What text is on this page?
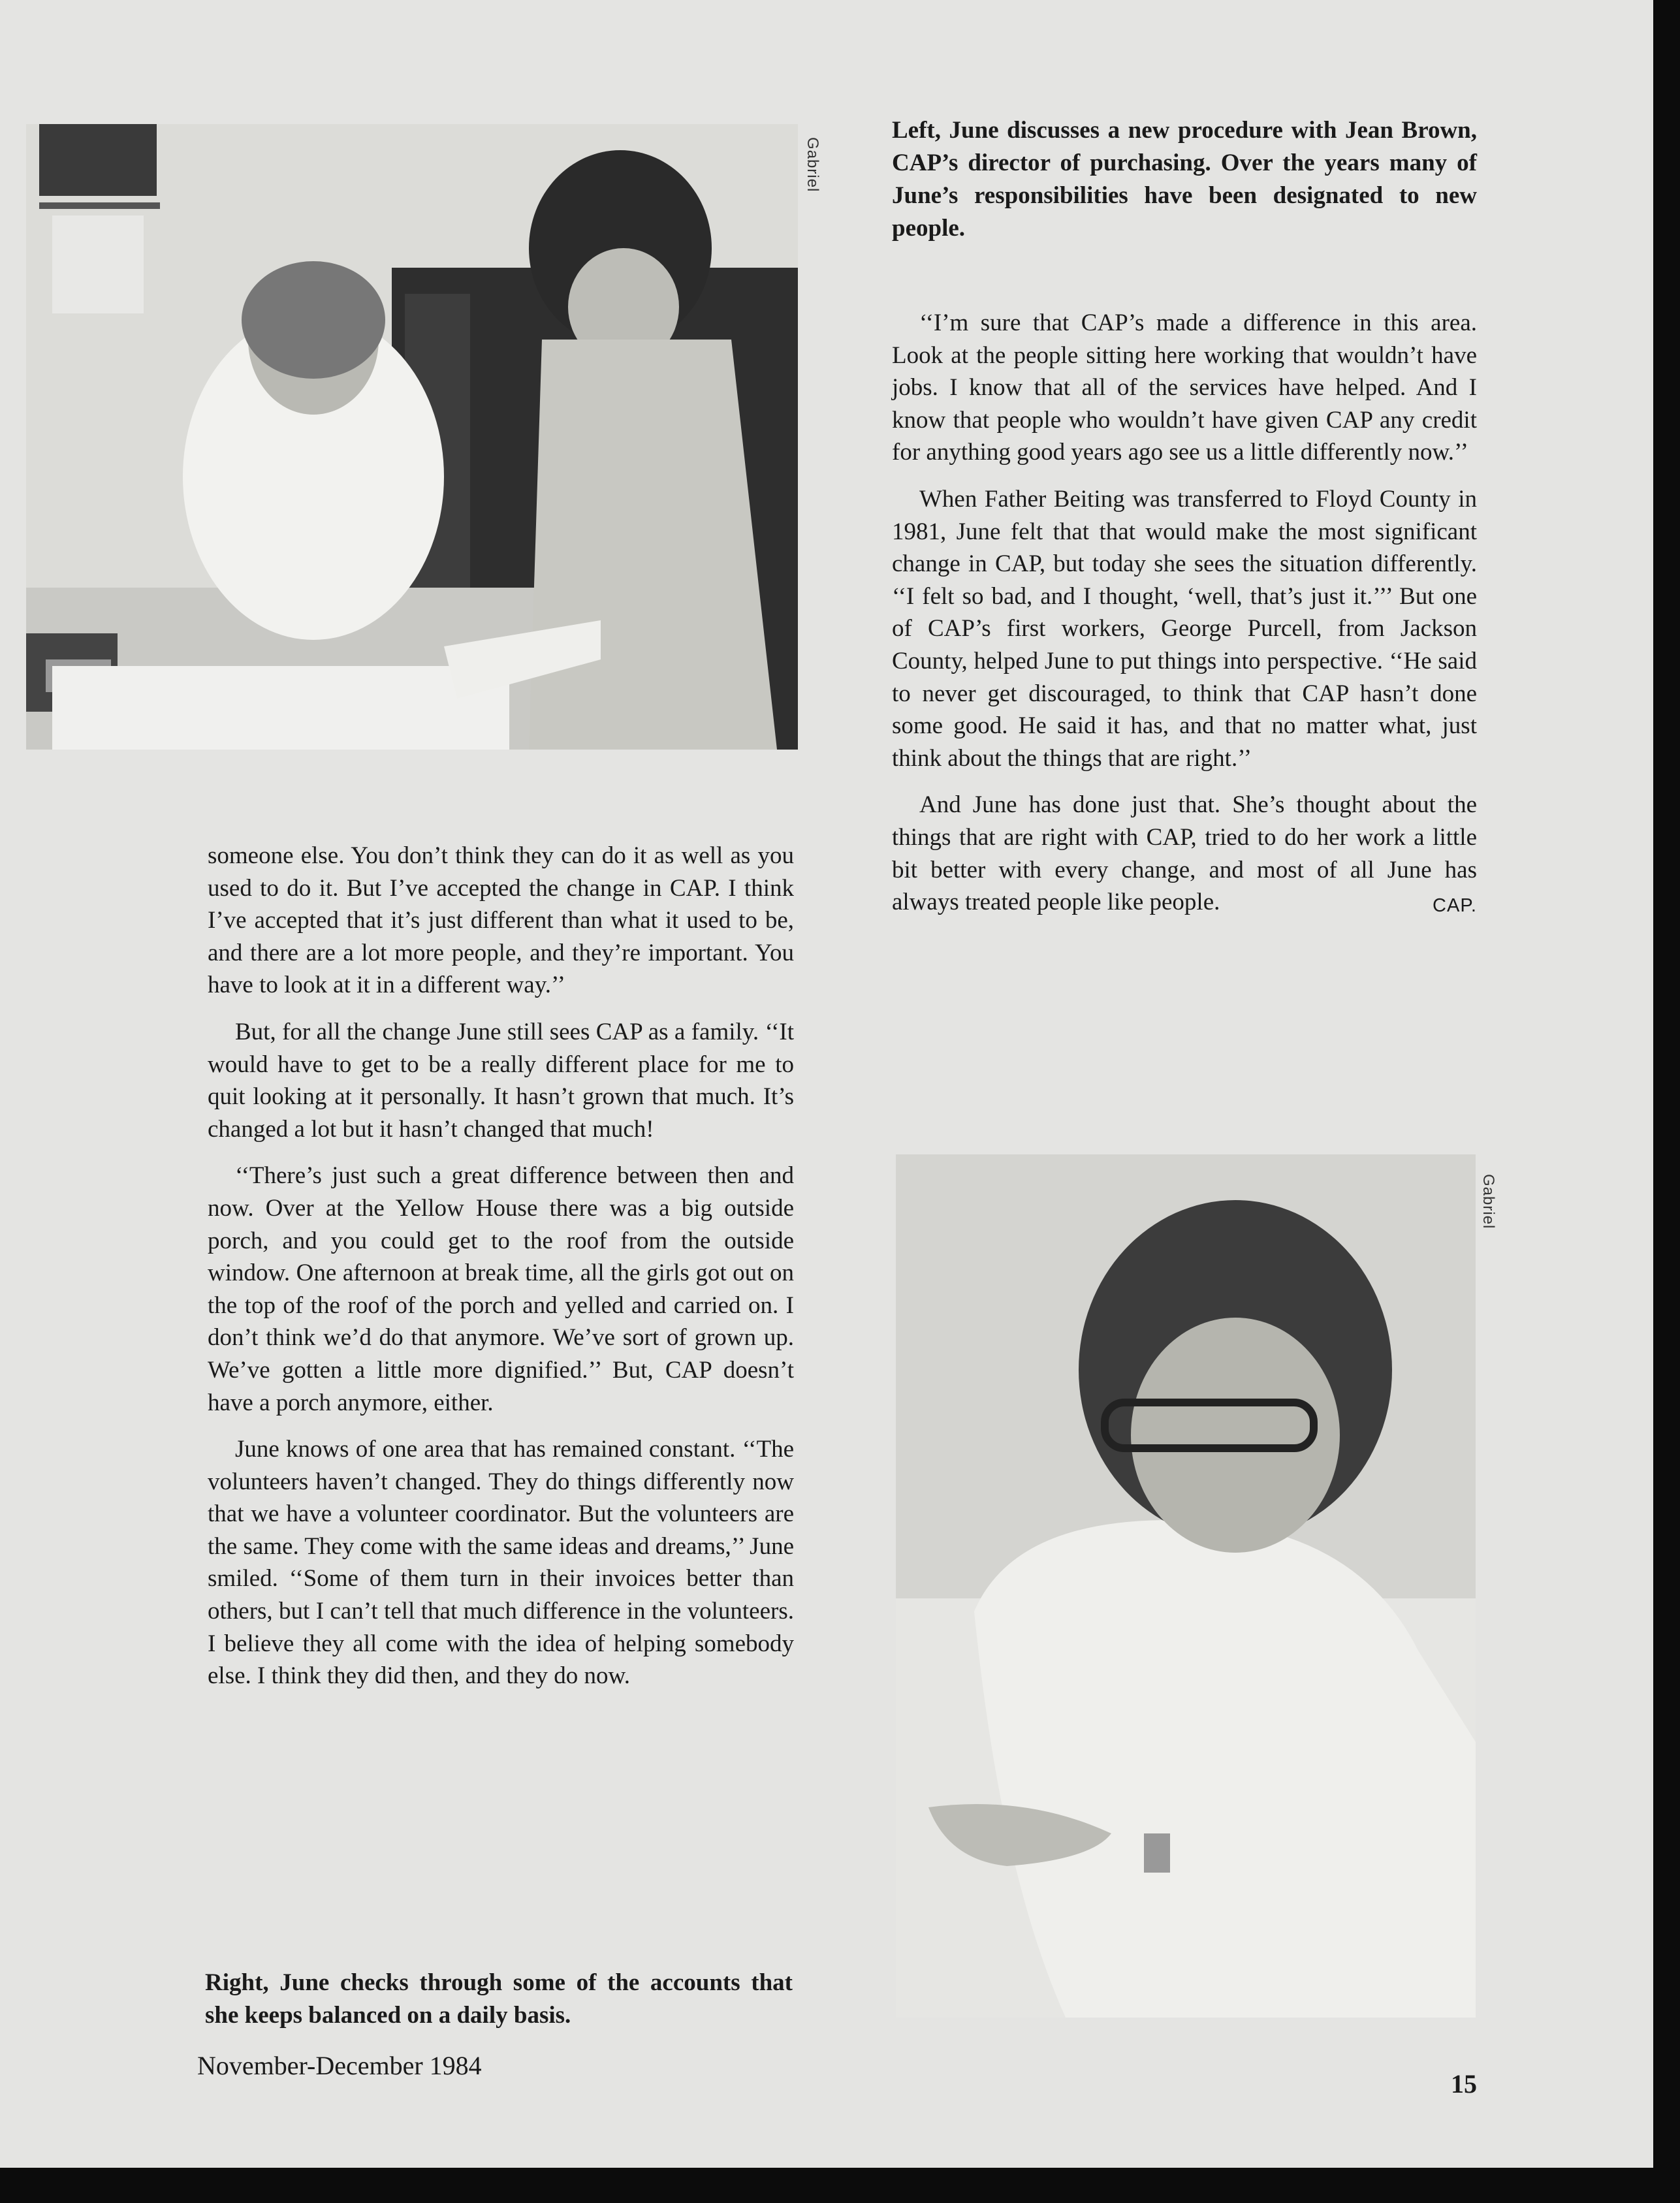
Gabriel

Left, June discusses a new procedure with Jean Brown, CAP’s director of purchasing. Over the years many of June’s responsibilities have been designated to new people.

someone else. You don’t think they can do it as well as you used to do it. But I’ve accepted the change in CAP. I think I’ve accepted that it’s just different than what it used to be, and there are a lot more people, and they’re important. You have to look at it in a different way.’’

But, for all the change June still sees CAP as a family. ‘‘It would have to get to be a really different place for me to quit looking at it personally. It hasn’t grown that much. It’s changed a lot but it hasn’t changed that much!

‘‘There’s just such a great difference between then and now. Over at the Yellow House there was a big outside porch, and you could get to the roof from the outside window. One afternoon at break time, all the girls got out on the top of the roof of the porch and yelled and carried on. I don’t think we’d do that anymore. We’ve sort of grown up. We’ve gotten a little more dignified.’’ But, CAP doesn’t have a porch anymore, either.

June knows of one area that has remained constant. ‘‘The volunteers haven’t changed. They do things differently now that we have a volunteer coordinator. But the volunteers are the same. They come with the same ideas and dreams,’’ June smiled. ‘‘Some of them turn in their invoices better than others, but I can’t tell that much difference in the volunteers. I believe they all come with the idea of helping somebody else. I think they did then, and they do now.

‘‘I’m sure that CAP’s made a difference in this area. Look at the people sitting here working that wouldn’t have jobs. I know that all of the services have helped. And I know that people who wouldn’t have given CAP any credit for anything good years ago see us a little differently now.’’

When Father Beiting was transferred to Floyd County in 1981, June felt that that would make the most significant change in CAP, but today she sees the situation differently. ‘‘I felt so bad, and I thought, ‘well, that’s just it.’’’ But one of CAP’s first workers, George Purcell, from Jackson County, helped June to put things into perspective. ‘‘He said to never get discouraged, to think that CAP hasn’t done some good. He said it has, and that no matter what, just think about the things that are right.’’

And June has done just that. She’s thought about the things that are right with CAP, tried to do her work a little bit better with every change, and most of all June has always treated people like people.	CAP.

Gabriel

Right, June checks through some of the accounts that she keeps balanced on a daily basis.

November-December 1984
15
